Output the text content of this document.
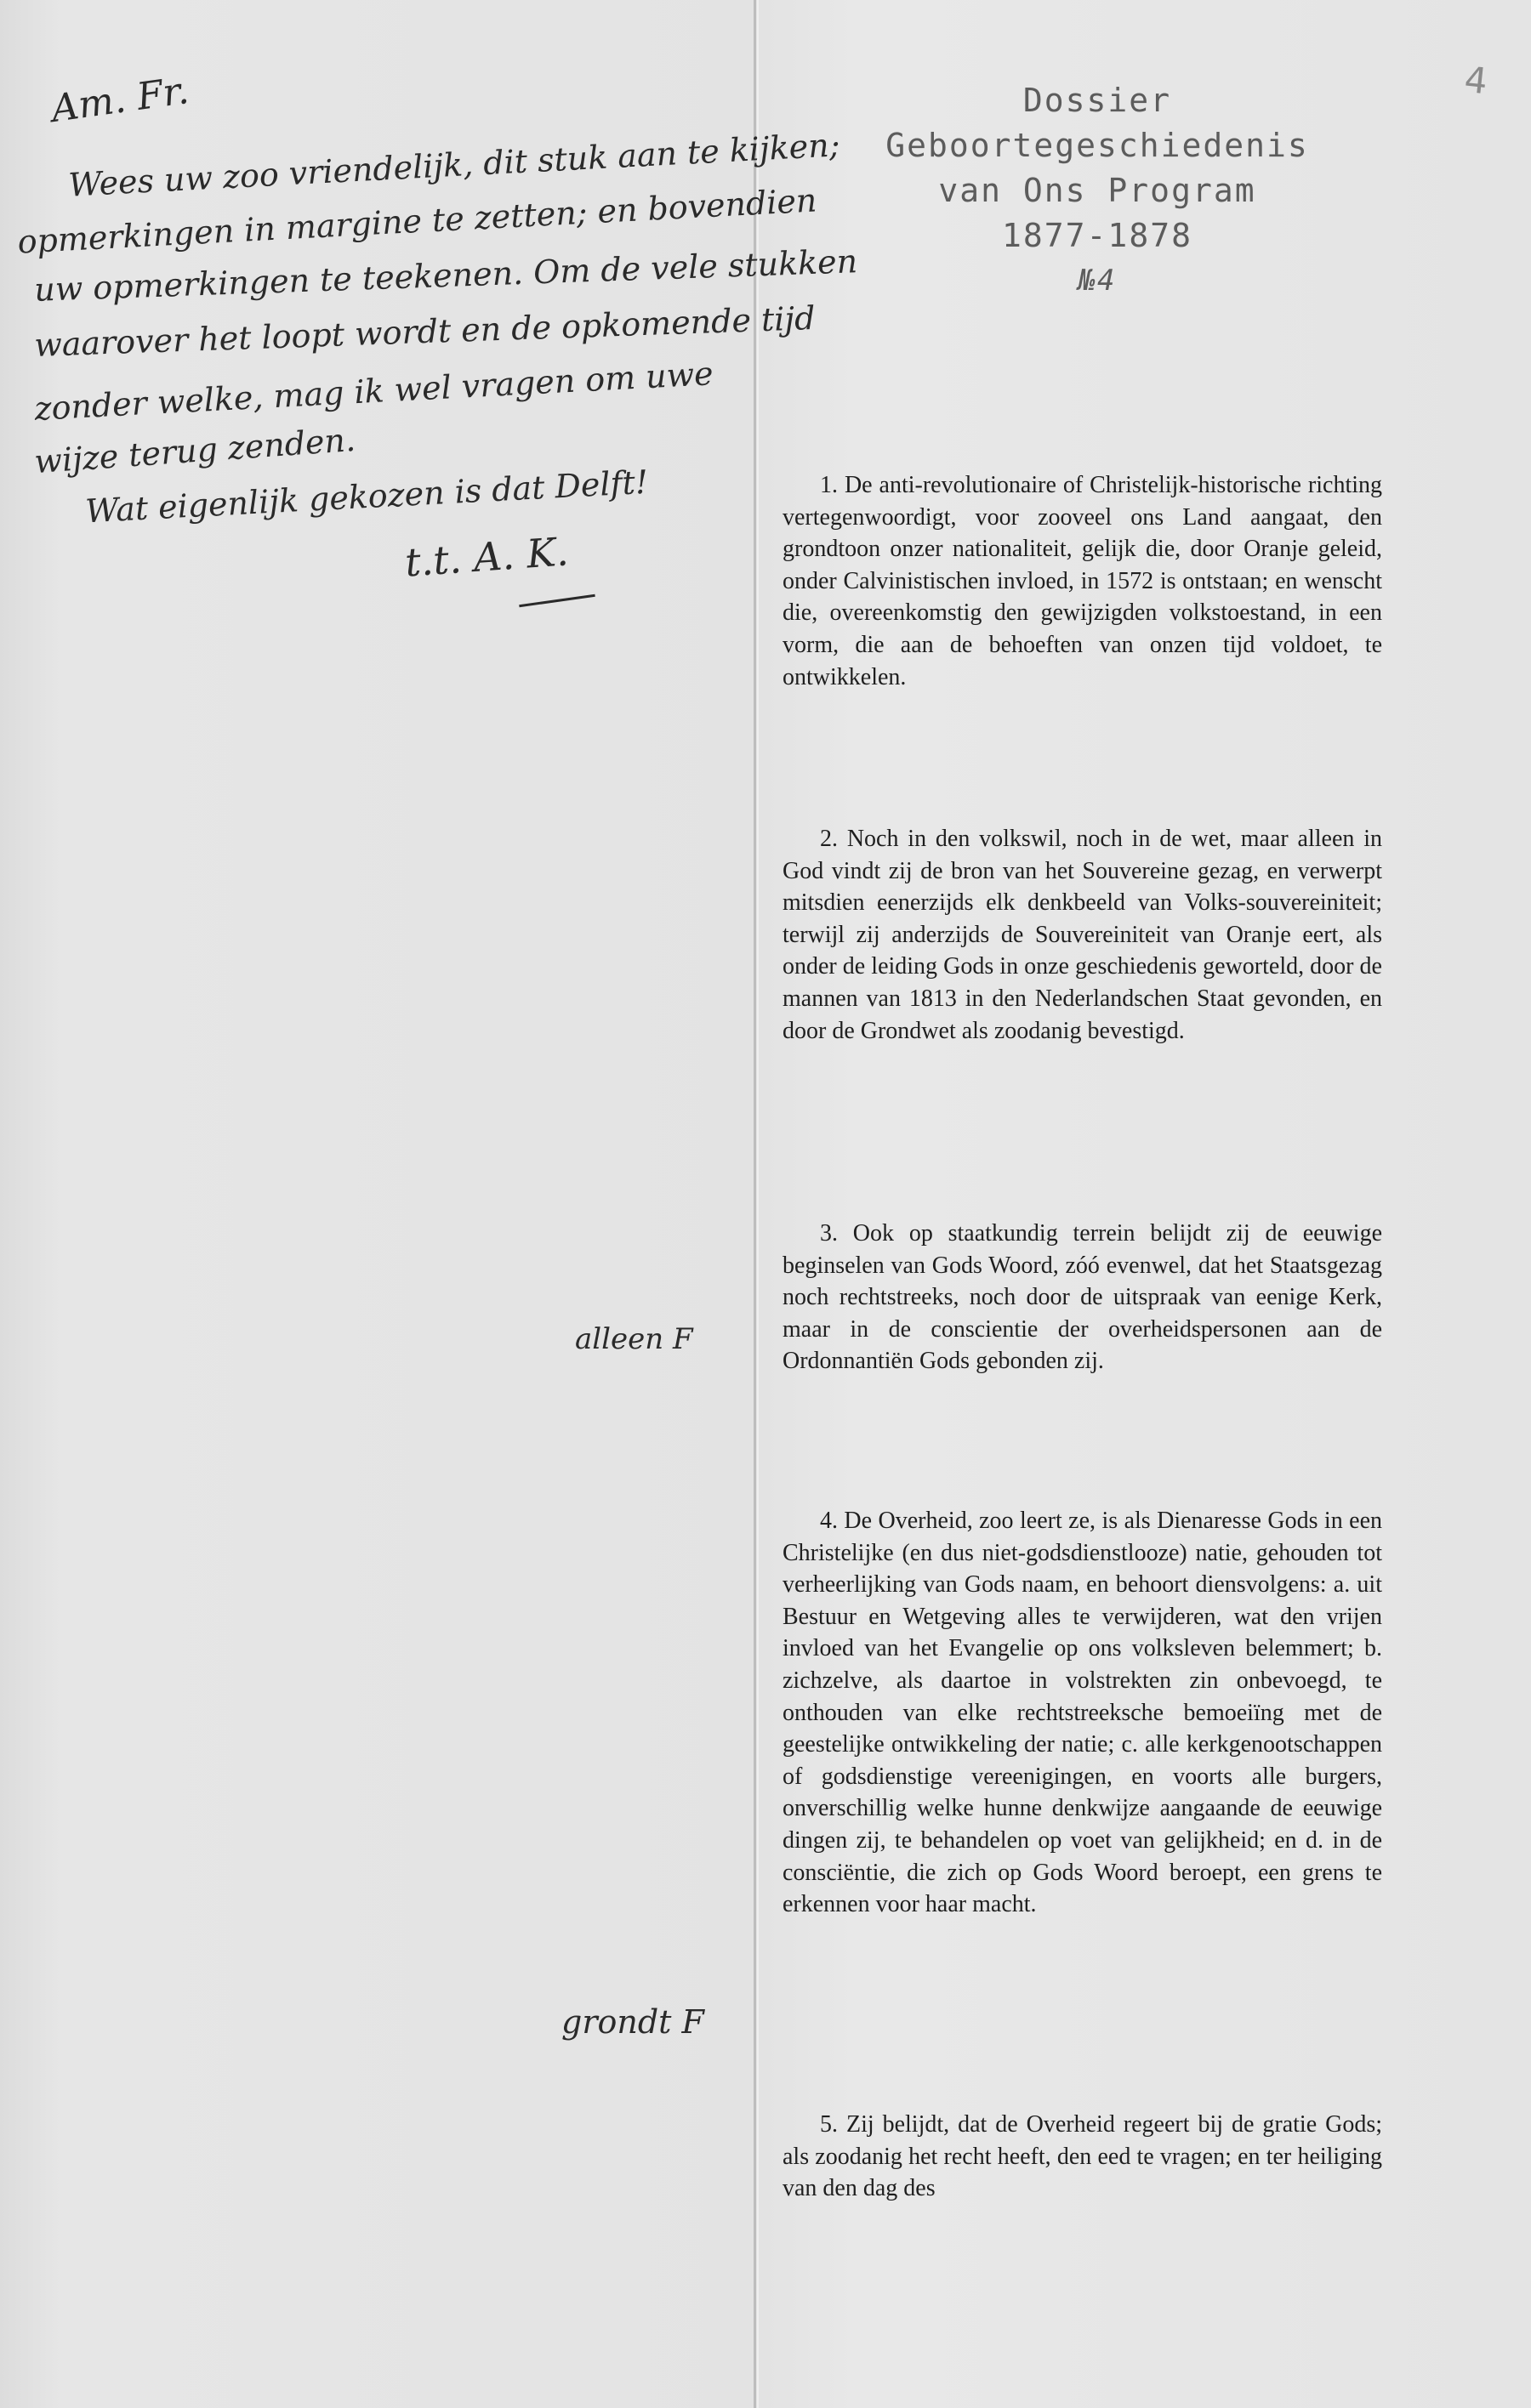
4
Dossier
Geboortegeschiedenis
van Ons Program
1877-1878
№4
Am. Fr.
Wees uw zoo vriendelijk, dit stuk aan te kijken;
opmerkingen in margine te zetten; en bovendien
uw opmerkingen te teekenen. Om de vele stukken
waarover het loopt wordt en de opkomende tijd
zonder welke, mag ik wel vragen om uwe
wijze terug zenden.
Wat eigenlijk gekozen is dat Delft!
t.t. A. K.
alleen F
grondt F

1. De anti-revolutionaire of Christelijk-historische richting vertegenwoordigt, voor zooveel ons Land aangaat, den grondtoon onzer nationaliteit, gelijk die, door Oranje geleid, onder Calvinistischen invloed, in 1572 is ontstaan; en wenscht die, overeenkomstig den gewijzigden volkstoestand, in een vorm, die aan de behoeften van onzen tijd voldoet, te ontwikkelen.

2. Noch in den volkswil, noch in de wet, maar alleen in God vindt zij de bron van het Souvereine gezag, en verwerpt mitsdien eenerzijds elk denkbeeld van Volks-souvereiniteit; terwijl zij anderzijds de Souvereiniteit van Oranje eert, als onder de leiding Gods in onze geschiedenis geworteld, door de mannen van 1813 in den Nederlandschen Staat gevonden, en door de Grondwet als zoodanig bevestigd.

3. Ook op staatkundig terrein belijdt zij de eeuwige beginselen van Gods Woord, zóó evenwel, dat het Staatsgezag noch rechtstreeks, noch door de uitspraak van eenige Kerk, maar in de conscientie der overheidspersonen aan de Ordonnantiën Gods gebonden zij.

4. De Overheid, zoo leert ze, is als Dienaresse Gods in een Christelijke (en dus niet-godsdienstlooze) natie, gehouden tot verheerlijking van Gods naam, en behoort diensvolgens: a. uit Bestuur en Wetgeving alles te verwijderen, wat den vrijen invloed van het Evangelie op ons volksleven belemmert; b. zichzelve, als daartoe in volstrekten zin onbevoegd, te onthouden van elke rechtstreeksche bemoeiïng met de geestelijke ontwikkeling der natie; c. alle kerkgenootschappen of godsdienstige vereenigingen, en voorts alle burgers, onverschillig welke hunne denkwijze aangaande de eeuwige dingen zij, te behandelen op voet van gelijkheid; en d. in de consciëntie, die zich op Gods Woord beroept, een grens te erkennen voor haar macht.

5. Zij belijdt, dat de Overheid regeert bij de gratie Gods; als zoodanig het recht heeft, den eed te vragen; en ter heiliging van den dag des
